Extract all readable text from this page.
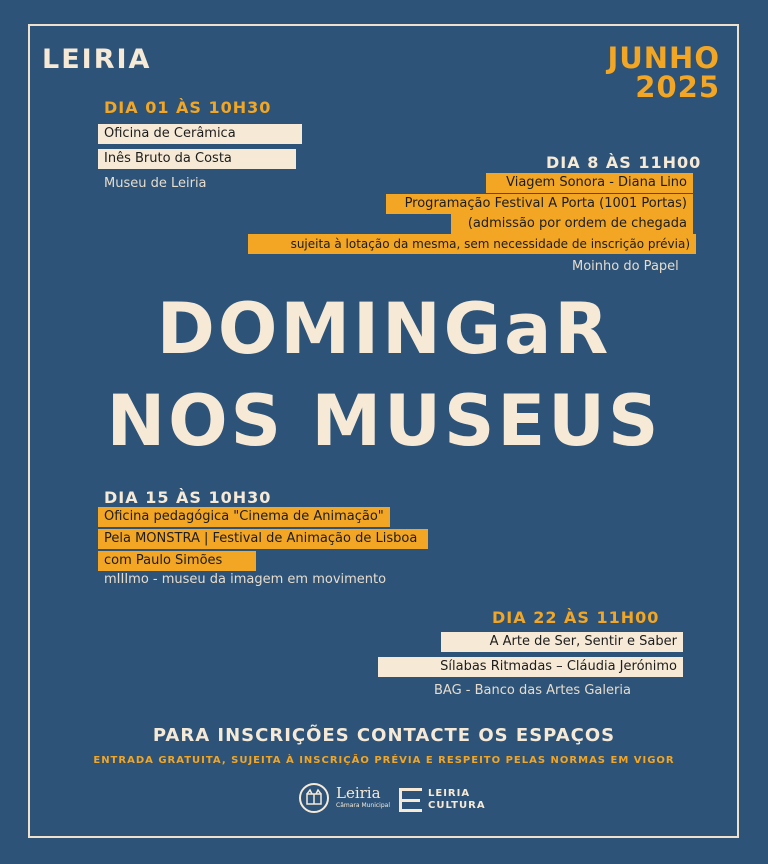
LEIRIA	JUNHO
2025
DIA 01 ÀS 10H30
Oficina de Cerâmica
Inês Bruto da Costa
Museu de Leiria
DIA 8 ÀS 11H00
Viagem Sonora - Diana Lino
Programação Festival A Porta (1001 Portas)
(admissão por ordem de chegada
sujeita à lotação da mesma, sem necessidade de inscrição prévia)
Moinho do Papel
DOMINGaR
NOS MUSEUS
DIA 15 ÀS 10H30
Oficina pedagógica "Cinema de Animação"
Pela MONSTRA | Festival de Animação de Lisboa
com Paulo Simões
mIIImo - museu da imagem em movimento
DIA 22 ÀS 11H00
A Arte de Ser, Sentir e Saber
Sílabas Ritmadas – Cláudia Jerónimo
BAG - Banco das Artes Galeria
PARA INSCRIÇÕES CONTACTE OS ESPAÇOS
ENTRADA GRATUITA, SUJEITA À INSCRIÇÃO PRÉVIA E RESPEITO PELAS NORMAS EM VIGOR
Leiria
Câmara Municipal
LEIRIA
CULTURA
